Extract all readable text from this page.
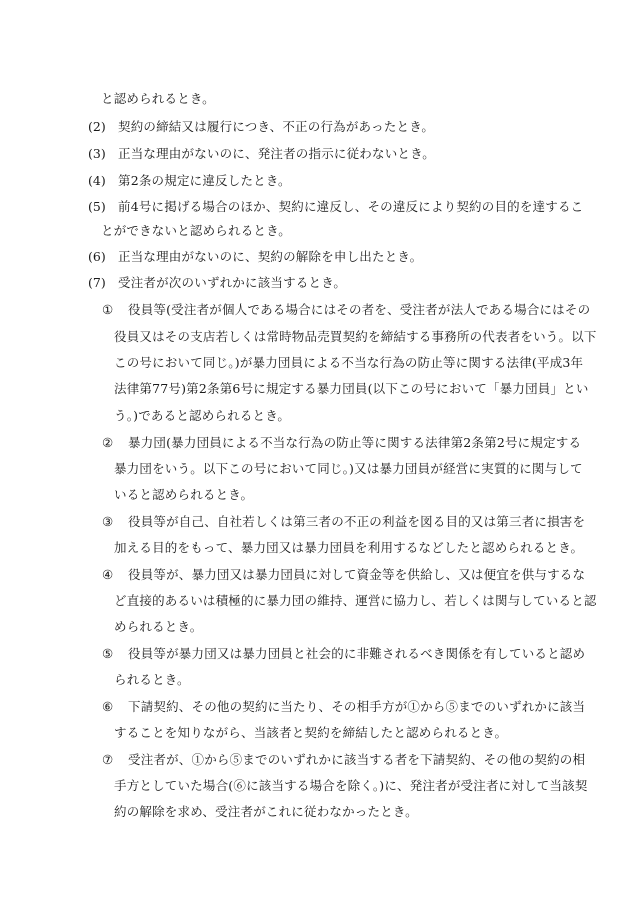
と認められるとき。
(2) 契約の締結又は履行につき、不正の行為があったとき。
(3) 正当な理由がないのに、発注者の指示に従わないとき。
(4) 第2条の規定に違反したとき。
(5) 前4号に掲げる場合のほか、契約に違反し、その違反により契約の目的を達するこ
とができないと認められるとき。
(6) 正当な理由がないのに、契約の解除を申し出たとき。
(7) 受注者が次のいずれかに該当するとき。
① 役員等(受注者が個人である場合にはその者を、受注者が法人である場合にはその
役員又はその支店若しくは常時物品売買契約を締結する事務所の代表者をいう。以下
この号において同じ。)が暴力団員による不当な行為の防止等に関する法律(平成3年
法律第77号)第2条第6号に規定する暴力団員(以下この号において「暴力団員」とい
う。)であると認められるとき。
② 暴力団(暴力団員による不当な行為の防止等に関する法律第2条第2号に規定する
暴力団をいう。以下この号において同じ。)又は暴力団員が経営に実質的に関与して
いると認められるとき。
③ 役員等が自己、自社若しくは第三者の不正の利益を図る目的又は第三者に損害を
加える目的をもって、暴力団又は暴力団員を利用するなどしたと認められるとき。
④ 役員等が、暴力団又は暴力団員に対して資金等を供給し、又は便宜を供与するな
ど直接的あるいは積極的に暴力団の維持、運営に協力し、若しくは関与していると認
められるとき。
⑤ 役員等が暴力団又は暴力団員と社会的に非難されるべき関係を有していると認め
られるとき。
⑥ 下請契約、その他の契約に当たり、その相手方が①から⑤までのいずれかに該当
することを知りながら、当該者と契約を締結したと認められるとき。
⑦ 受注者が、①から⑤までのいずれかに該当する者を下請契約、その他の契約の相
手方としていた場合(⑥に該当する場合を除く。)に、発注者が受注者に対して当該契
約の解除を求め、受注者がこれに従わなかったとき。
